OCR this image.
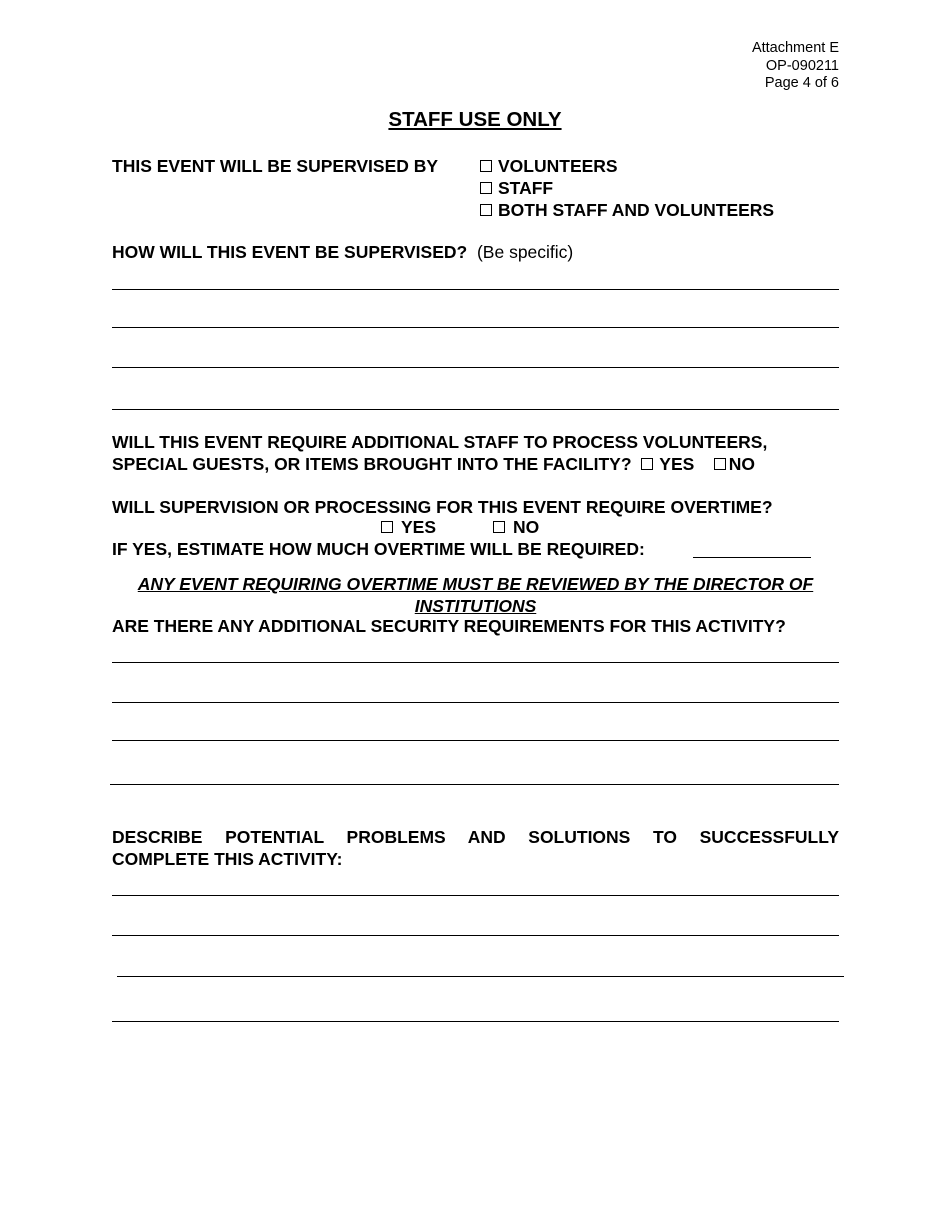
Attachment E
OP-090211
Page 4 of 6
STAFF USE ONLY
THIS EVENT WILL BE SUPERVISED BY	VOLUNTEERS

STAFF

BOTH STAFF AND VOLUNTEERS
HOW WILL THIS EVENT BE SUPERVISED? (Be specific)
WILL THIS EVENT REQUIRE ADDITIONAL STAFF TO PROCESS VOLUNTEERS,
SPECIAL GUESTS, OR ITEMS BROUGHT INTO THE FACILITY? YES
NO
WILL SUPERVISION OR PROCESSING FOR THIS EVENT REQUIRE OVERTIME?
YES	NO
IF YES, ESTIMATE HOW MUCH OVERTIME WILL BE REQUIRED:
ANY EVENT REQUIRING OVERTIME MUST BE REVIEWED BY THE DIRECTOR OF
INSTITUTIONS
ARE THERE ANY ADDITIONAL SECURITY REQUIREMENTS FOR THIS ACTIVITY?
DESCRIBE POTENTIAL PROBLEMS AND SOLUTIONS TO SUCCESSFULLY
COMPLETE THIS ACTIVITY:
